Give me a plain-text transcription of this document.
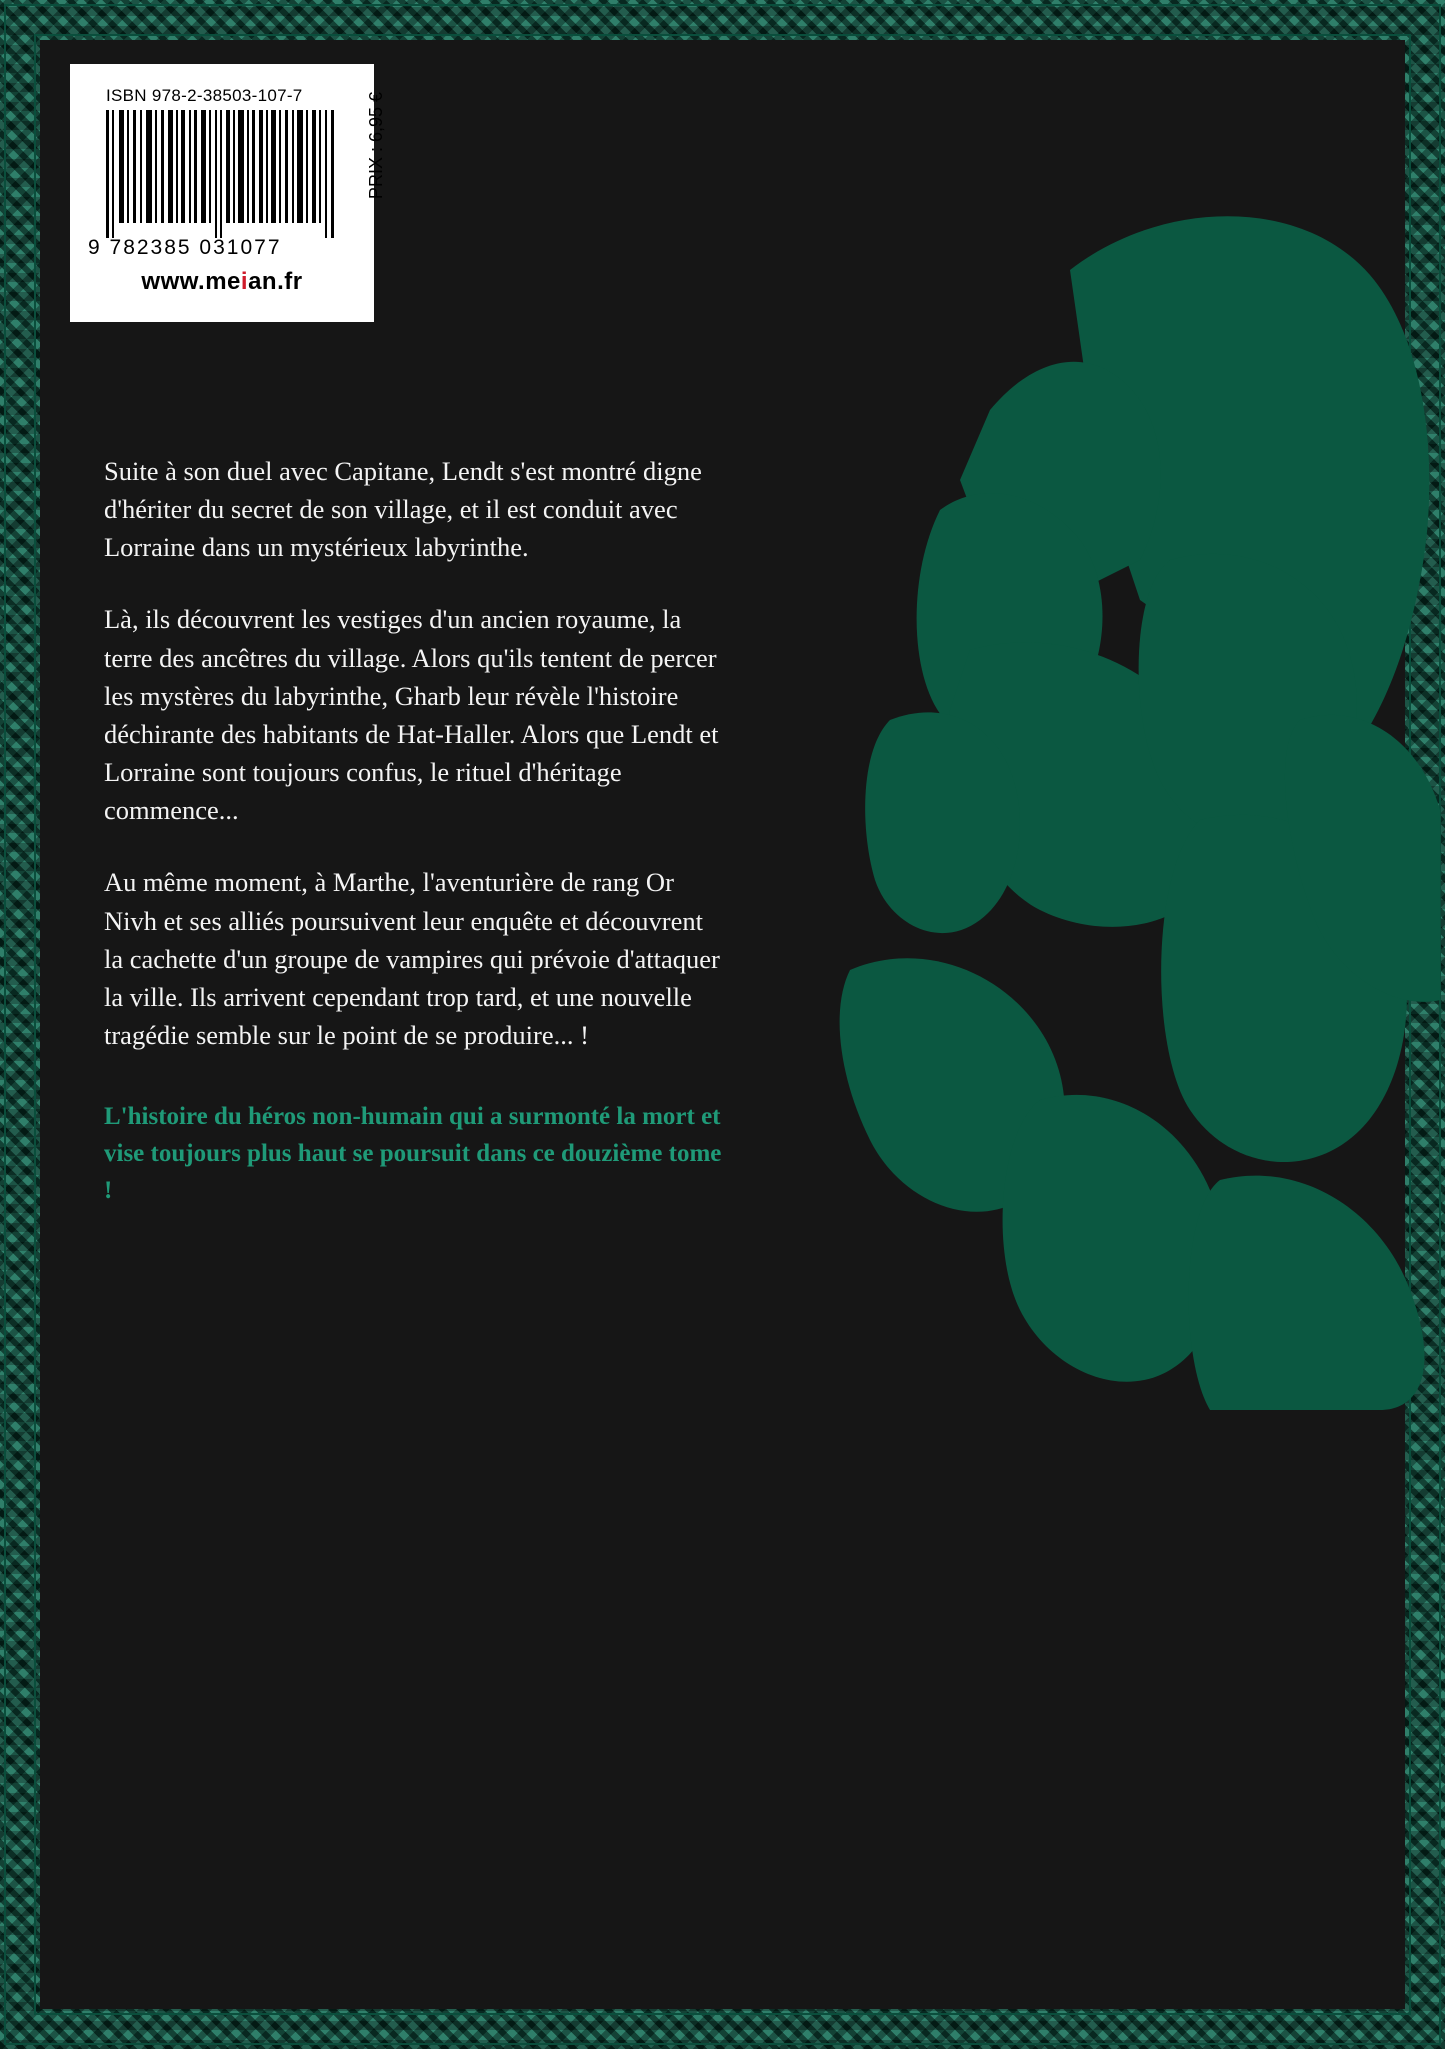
ISBN 978-2-38503-107-7
9 782385 031077
www.meian.fr
PRIX : 6,95 €

Suite à son duel avec Capitane, Lendt s'est montré digne d'hériter du secret de son village, et il est conduit avec Lorraine dans un mystérieux labyrinthe.

Là, ils découvrent les vestiges d'un ancien royaume, la terre des ancêtres du village. Alors qu'ils tentent de percer les mystères du labyrinthe, Gharb leur révèle l'histoire déchirante des habitants de Hat-Haller. Alors que Lendt et Lorraine sont toujours confus, le rituel d'héritage commence...

Au même moment, à Marthe, l'aventurière de rang Or Nivh et ses alliés poursuivent leur enquête et découvrent la cachette d'un groupe de vampires qui prévoie d'attaquer la ville. Ils arrivent cependant trop tard, et une nouvelle tragédie semble sur le point de se produire... !

L'histoire du héros non-humain qui a surmonté la mort et vise toujours plus haut se poursuit dans ce douzième tome !
